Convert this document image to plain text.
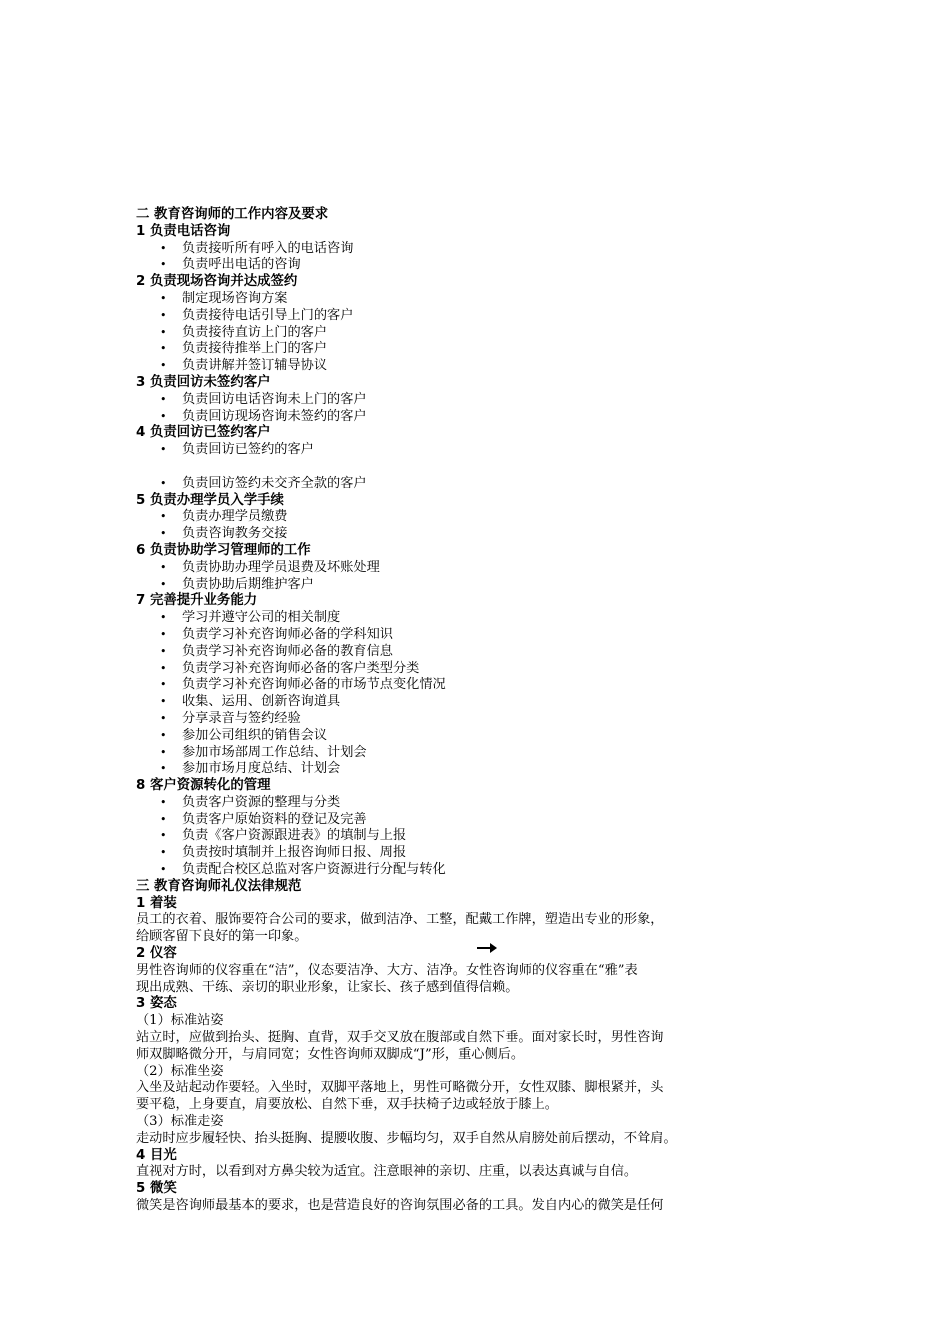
二 教育咨询师的工作内容及要求
1 负责电话咨询
•	负责接听所有呼入的电话咨询
•	负责呼出电话的咨询
2 负责现场咨询并达成签约
•	制定现场咨询方案
•	负责接待电话引导上门的客户
•	负责接待直访上门的客户
•	负责接待推举上门的客户
•	负责讲解并签订辅导协议
3 负责回访未签约客户
•	负责回访电话咨询未上门的客户
•	负责回访现场咨询未签约的客户
4 负责回访已签约客户
•	负责回访已签约的客户
•	负责回访签约未交齐全款的客户
5 负责办理学员入学手续
•	负责办理学员缴费
•	负责咨询教务交接
6 负责协助学习管理师的工作
•	负责协助办理学员退费及坏账处理
•	负责协助后期维护客户
7 完善提升业务能力
•	学习并遵守公司的相关制度
•	负责学习补充咨询师必备的学科知识
•	负责学习补充咨询师必备的教育信息
•	负责学习补充咨询师必备的客户类型分类
•	负责学习补充咨询师必备的市场节点变化情况
•	收集、运用、创新咨询道具
•	分享录音与签约经验
•	参加公司组织的销售会议
•	参加市场部周工作总结、计划会
•	参加市场月度总结、计划会
8 客户资源转化的管理
•	负责客户资源的整理与分类
•	负责客户原始资料的登记及完善
•	负责《客户资源跟进表》的填制与上报
•	负责按时填制并上报咨询师日报、周报
•	负责配合校区总监对客户资源进行分配与转化
三 教育咨询师礼仪法律规范
1 着装
员工的衣着、服饰要符合公司的要求，做到洁净、工整，配戴工作牌，塑造出专业的形象，
给顾客留下良好的第一印象。
2 仪容
男性咨询师的仪容重在“洁”，仪态要洁净、大方、洁净。女性咨询师的仪容重在“雅”表
现出成熟、干练、亲切的职业形象，让家长、孩子感到值得信赖。
3 姿态
（1）标准站姿
站立时，应做到抬头、挺胸、直背，双手交叉放在腹部或自然下垂。面对家长时，男性咨询
师双脚略微分开，与肩同宽；女性咨询师双脚成“J”形，重心侧后。
（2）标准坐姿
入坐及站起动作要轻。入坐时，双脚平落地上，男性可略微分开，女性双膝、脚根紧并，头
要平稳，上身要直，肩要放松、自然下垂，双手扶椅子边或轻放于膝上。
（3）标准走姿
走动时应步履轻快、抬头挺胸、提腰收腹、步幅均匀，双手自然从肩膀处前后摆动，不耸肩。
4 目光
直视对方时，以看到对方鼻尖较为适宜。注意眼神的亲切、庄重，以表达真诚与自信。
5 微笑
微笑是咨询师最基本的要求，也是营造良好的咨询氛围必备的工具。发自内心的微笑是任何
